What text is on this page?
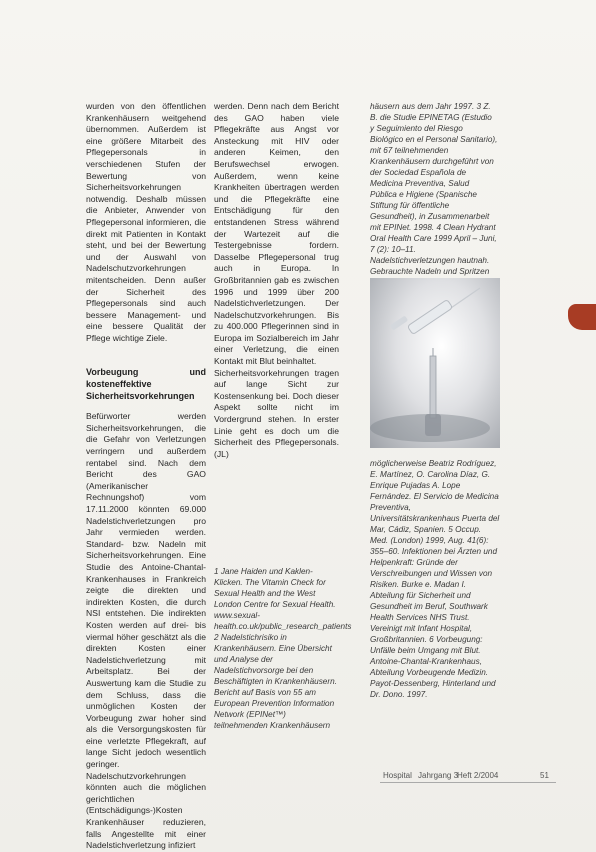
wurden von den öffentlichen Krankenhäusern weitgehend übernommen. Außerdem ist eine größere Mitarbeit des Pflegepersonals in verschiedenen Stufen der Bewertung von Sicherheitsvorkehrungen notwendig. Deshalb müssen die Anbieter, Anwender von Pflegepersonal informieren, die direkt mit Patienten in Kontakt steht, und bei der Bewertung und der Auswahl von Nadelschutzvorkehrungen mitentscheiden. Denn außer der Sicherheit des Pflegepersonals sind auch bessere Management- und eine bessere Qualität der Pflege wichtige Ziele.

Vorbeugung und kosteneffektive Sicherheitsvorkehrungen

Befürworter werden Sicherheitsvorkehrungen, die die Gefahr von Verletzungen verringern und außerdem rentabel sind. Nach dem Bericht des GAO (Amerikanischer Rechnungshof) vom 17.11.2000 könnten 69.000 Nadelstichverletzungen pro Jahr vermieden werden. Standard- bzw. Nadeln mit Sicherheitsvorkehrungen. Eine Studie des Antoine-Chantal-Krankenhauses in Frankreich zeigte die direkten und indirekten Kosten, die durch NSI entstehen. Die indirekten Kosten werden auf drei- bis viermal höher geschätzt als die direkten Kosten einer Nadelstichverletzung mit Arbeitsplatz. Bei der Auswertung kam die Studie zu dem Schluss, dass die unmöglichen Kosten der Vorbeugung zwar hoher sind als die Versorgungskosten für eine verletzte Pflegekraft, auf lange Sicht jedoch wesentlich geringer. Nadelschutzvorkehrungen könnten auch die möglichen gerichtlichen (Entschädigungs-)Kosten Krankenhäuser reduzieren, falls Angestellte mit einer Nadelstichverletzung infiziert

werden. Denn nach dem Bericht des GAO haben viele Pflegekräfte aus Angst vor Ansteckung mit HIV oder anderen Keimen, den Berufswechsel erwogen. Außerdem, wenn keine Krankheiten übertragen werden und die Pflegekräfte eine Entschädigung für den entstandenen Stress während der Wartezeit auf die Testergebnisse fordern. Dasselbe Pflegepersonal trug auch in Europa. In Großbritannien gab es zwischen 1996 und 1999 über 200 Nadelstichverletzungen. Der Nadelschutzvorkehrungen. Bis zu 400.000 Pflegerinnen sind in Europa im Sozialbereich im Jahr einer Verletzung, die einen Kontakt mit Blut beinhaltet.

Sicherheitsvorkehrungen tragen auf lange Sicht zur Kostensenkung bei. Doch dieser Aspekt sollte nicht im Vordergrund stehen. In erster Linie geht es doch um die Sicherheit des Pflegepersonals. (JL)

1 Jane Haiden und Kaklen-Klicken. The Vitamin Check for Sexual Health and the West London Centre for Sexual Health.

www.sexual-health.co.uk/public_research_patients

2 Nadelstichrisiko in Krankenhäusern. Eine Übersicht und Analyse der Nadelstichvorsorge bei den Beschäftigten in Krankenhäusern. Bericht auf Basis von 55 am European Prevention Information Network (EPINet™) teilnehmenden Krankenhäusern

häusern aus dem Jahr 1997. 3 Z. B. die Studie EPINETAG (Estudio y Seguimiento del Riesgo Biológico en el Personal Sanitario), mit 67 teilnehmenden Krankenhäusern durchgeführt von der Sociedad Española de Medicina Preventiva, Salud Pública e Higiene (Spanische Stiftung für öffentliche Gesundheit), in Zusammenarbeit mit EPINet. 1998. 4 Clean Hydrant Oral Health Care 1999 April – Juni, 7 (2): 10–11. Nadelstichverletzungen hautnah. Gebrauchte Nadeln und Spritzen

möglicherweise Beatriz Rodríguez, E. Martínez, O. Carolina Díaz, G. Enrique Pujadas A. Lope Fernández. El Servicio de Medicina Preventiva, Universitätskrankenhaus Puerta del Mar, Cádiz, Spanien. 5 Occup. Med. (London) 1999, Aug. 41(6): 355–60. Infektionen bei Ärzten und Helpenkraft: Gründe der Verschreibungen und Wissen von Risiken. Burke e. Madan I. Abteilung für Sicherheit und Gesundheit im Beruf, Southwark Health Services NHS Trust. Vereinigt mit Infant Hospital, Großbritannien. 6 Vorbeugung: Unfälle beim Umgang mit Blut. Antoine-Chantal-Krankenhaus, Abteilung Vorbeugende Medizin. Payot-Dessenberg, Hinterland und Dr. Dono. 1997.

Hospital Jahrgang 3
Heft 2/2004	51
